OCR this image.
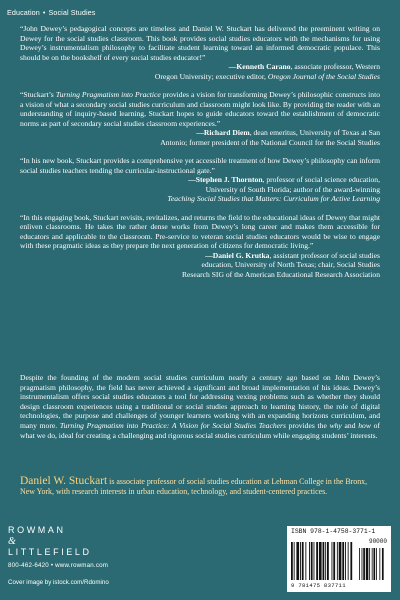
Education • Social Studies

“John Dewey’s pedagogical concepts are timeless and Daniel W. Stuckart has delivered the preeminent writing on Dewey for the social studies classroom. This book provides social studies educators with the mechanisms for using Dewey’s instrumentalism philosophy to facilitate student learning toward an informed democratic populace. This should be on the bookshelf of every social studies educator!”

—Kenneth Carano, associate professor, Western
Oregon University; executive editor, Oregon Journal of the Social Studies

“Stuckart’s Turning Pragmatism into Practice provides a vision for transforming Dewey’s philosophic constructs into a vision of what a secondary social studies curriculum and classroom might look like. By providing the reader with an understanding of inquiry-based learning, Stuckart hopes to guide educators toward the establishment of democratic norms as part of secondary social studies classroom experiences.”

—Richard Diem, dean emeritus, University of Texas at San
Antonio; former president of the National Council for the Social Studies

“In his new book, Stuckart provides a comprehensive yet accessible treatment of how Dewey’s philosophy can inform social studies teachers tending the curricular-instructional gate.”

—Stephen J. Thornton, professor of social science education,
University of South Florida; author of the award-winning
Teaching Social Studies that Matters: Curriculum for Active Learning

“In this engaging book, Stuckart revisits, revitalizes, and returns the field to the educational ideas of Dewey that might enliven classrooms. He takes the rather dense works from Dewey’s long career and makes them accessible for educators and applicable to the classroom. Pre-service to veteran social studies educators would be wise to engage with these pragmatic ideas as they prepare the next generation of citizens for democratic living.”

—Daniel G. Krutka, assistant professor of social studies
education, University of North Texas; chair, Social Studies
Research SIG of the American Educational Research Association

Despite the founding of the modern social studies curriculum nearly a century ago based on John Dewey’s pragmatism philosophy, the field has never achieved a significant and broad implementation of his ideas. Dewey’s instrumentalism offers social studies educators a tool for addressing vexing problems such as whether they should design classroom experiences using a traditional or social studies approach to learning history, the role of digital technologies, the purpose and challenges of younger learners working with an expanding horizons curriculum, and many more. Turning Pragmatism into Practice: A Vision for Social Studies Teachers provides the why and how of what we do, ideal for creating a challenging and rigorous social studies curriculum while engaging students’ interests.

Daniel W. Stuckart is associate professor of social studies education at Lehman College in the Bronx, New York, with research interests in urban education, technology, and student-centered practices.
ROWMAN
&
LITTLEFIELD
800-462-6420 • www.rowman.com
Cover image by istock.com/Rdomino
ISBN 978-1-4758-3771-1
90000
9 781475 837711
